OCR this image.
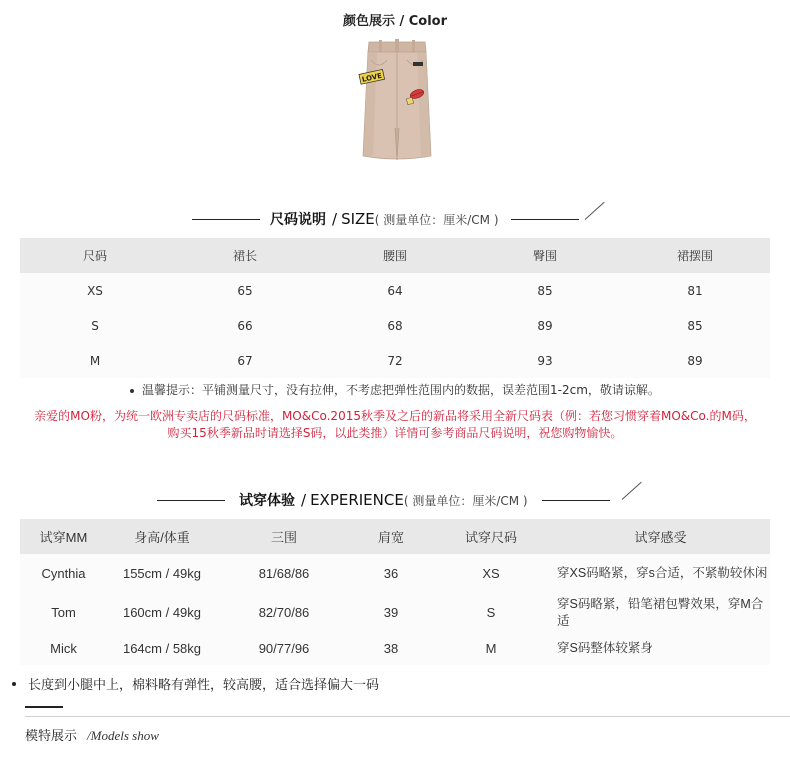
颜色展示 / Color
LOVE
尺码说明 / SIZE ( 测量单位：厘米/CM )
尺码	裙长	腰围	臀围	裙摆围
XS	65	64	85	81
S	66	68	89	85
M	67	72	93	89
温馨提示：平铺测量尺寸，没有拉伸，不考虑把弹性范围内的数据，误差范围1-2cm，敬请谅解。
亲爱的MO粉，为统一欧洲专卖店的尺码标准，MO&Co.2015秋季及之后的新品将采用全新尺码表（例：若您习惯穿着MO&Co.的M码，
购买15秋季新品时请选择S码，以此类推）详情可参考商品尺码说明，祝您购物愉快。
试穿体验 / EXPERIENCE ( 测量单位：厘米/CM )
试穿MM	身高/体重	三围	肩宽	试穿尺码	试穿感受
Cynthia	155cm / 49kg	81/68/86	36	XS	穿XS码略紧，穿s合适，不紧勒较休闲
Tom	160cm / 49kg	82/70/86	39	S	穿S码略紧，铅笔裙包臀效果，穿M合适
Mick	164cm / 58kg	90/77/96	38	M	穿S码整体较紧身
长度到小腿中上，棉料略有弹性，较高腰，适合选择偏大一码
模特展示 /Models show
